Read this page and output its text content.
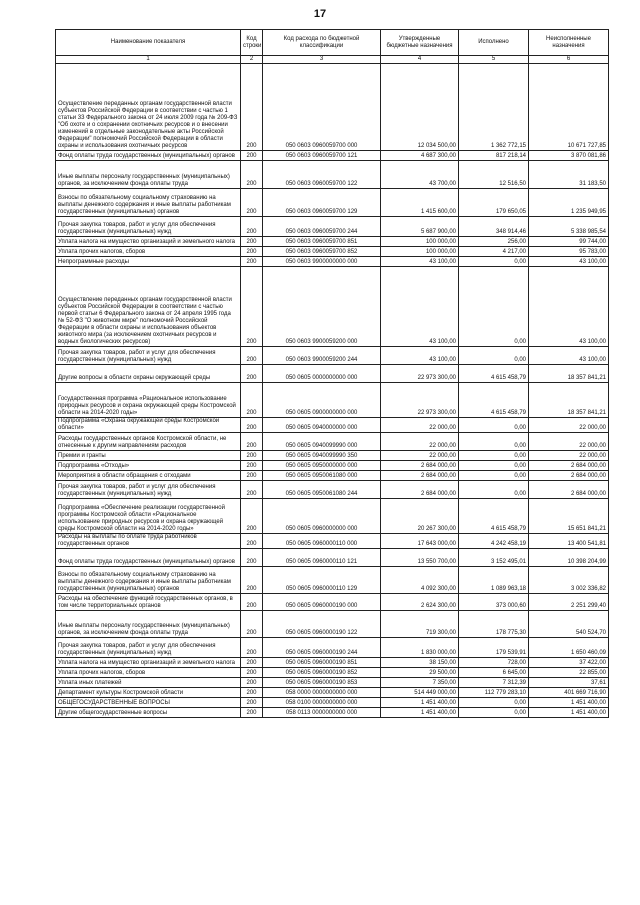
17
Наименование показателя	Код строки	Код расхода по бюджетной классификации	Утвержденные бюджетные назначения	Исполнено	Неисполненные назначения
1	2	3	4	5	6
Осуществление переданных органам государственной власти субъектов Российской Федерации в соответствии с частью 1 статьи 33 Федерального закона от 24 июля 2009 года № 209-ФЗ "Об охоте и о сохранении охотничьих ресурсов и о внесении изменений в отдельные законодательные акты Российской Федерации" полномочий Российской Федерации в области охраны и использования охотничьих ресурсов	200	050 0603 0960059700 000	12 034 500,00	1 362 772,15	10 671 727,85
Фонд оплаты труда государственных (муниципальных) органов	200	050 0603 0960059700 121	4 687 300,00	817 218,14	3 870 081,86
Иные выплаты персоналу государственных (муниципальных) органов, за исключением фонда оплаты труда	200	050 0603 0960059700 122	43 700,00	12 516,50	31 183,50
Взносы по обязательному социальному страхованию на выплаты денежного содержания и иные выплаты работникам государственных (муниципальных) органов	200	050 0603 0960059700 129	1 415 600,00	179 650,05	1 235 949,95
Прочая закупка товаров, работ и услуг для обеспечения государственных (муниципальных) нужд	200	050 0603 0960059700 244	5 687 900,00	348 914,46	5 338 985,54
Уплата налога на имущество организаций и земельного налога	200	050 0603 0960059700 851	100 000,00	256,00	99 744,00
Уплата прочих налогов, сборов	200	050 0603 0960059700 852	100 000,00	4 217,00	95 783,00
Непрограммные расходы	200	050 0603 9900000000 000	43 100,00	0,00	43 100,00
Осуществление переданных органам государственной власти субъектов Российской Федерации в соответствии с частью первой статьи 6 Федерального закона от 24 апреля 1995 года № 52-ФЗ "О животном мире" полномочий Российской Федерации в области охраны и использования объектов животного мира (за исключением охотничьих ресурсов и водных биологических ресурсов)	200	050 0603 9900059200 000	43 100,00	0,00	43 100,00
Прочая закупка товаров, работ и услуг для обеспечения государственных (муниципальных) нужд	200	050 0603 9900059200 244	43 100,00	0,00	43 100,00
Другие вопросы в области охраны окружающей среды	200	050 0605 0000000000 000	22 973 300,00	4 615 458,79	18 357 841,21
Государственная программа «Рациональное использование природных ресурсов и охрана окружающей среды Костромской области на 2014-2020 годы»	200	050 0605 0900000000 000	22 973 300,00	4 615 458,79	18 357 841,21
Подпрограмма «Охрана окружающей среды Костромской области»	200	050 0605 0940000000 000	22 000,00	0,00	22 000,00
Расходы государственных органов Костромской области, не отнесенные к другим направлениям расходов	200	050 0605 0940099990 000	22 000,00	0,00	22 000,00
Премии и гранты	200	050 0605 0940099990 350	22 000,00	0,00	22 000,00
Подпрограмма «Отходы»	200	050 0605 0950000000 000	2 684 000,00	0,00	2 684 000,00
Мероприятия в области обращения с отходами	200	050 0605 0950061080 000	2 684 000,00	0,00	2 684 000,00
Прочая закупка товаров, работ и услуг для обеспечения государственных (муниципальных) нужд	200	050 0605 0950061080 244	2 684 000,00	0,00	2 684 000,00
Подпрограмма «Обеспечение реализации государственной программы Костромской области «Рациональное использование природных ресурсов и охрана окружающей среды Костромской области на 2014-2020 годы»	200	050 0605 0960000000 000	20 267 300,00	4 615 458,79	15 651 841,21
Расходы на выплаты по оплате труда работников государственных органов	200	050 0605 0960000110 000	17 643 000,00	4 242 458,19	13 400 541,81
Фонд оплаты труда государственных (муниципальных) органов	200	050 0605 0960000110 121	13 550 700,00	3 152 495,01	10 398 204,99
Взносы по обязательному социальному страхованию на выплаты денежного содержания и иные выплаты работникам государственных (муниципальных) органов	200	050 0605 0960000110 129	4 092 300,00	1 089 963,18	3 002 336,82
Расходы на обеспечение функций государственных органов, в том числе территориальных органов	200	050 0605 0960000190 000	2 624 300,00	373 000,60	2 251 299,40
Иные выплаты персоналу государственных (муниципальных) органов, за исключением фонда оплаты труда	200	050 0605 0960000190 122	719 300,00	178 775,30	540 524,70
Прочая закупка товаров, работ и услуг для обеспечения государственных (муниципальных) нужд	200	050 0605 0960000190 244	1 830 000,00	179 539,91	1 650 460,09
Уплата налога на имущество организаций и земельного налога	200	050 0605 0960000190 851	38 150,00	728,00	37 422,00
Уплата прочих налогов, сборов	200	050 0605 0960000190 852	29 500,00	6 645,00	22 855,00
Уплата иных платежей	200	050 0605 0960000190 853	7 350,00	7 312,39	37,61
Департамент культуры Костромской области	200	058 0000 0000000000 000	514 449 000,00	112 779 283,10	401 669 716,90
ОБЩЕГОСУДАРСТВЕННЫЕ ВОПРОСЫ	200	058 0100 0000000000 000	1 451 400,00	0,00	1 451 400,00
Другие общегосударственные вопросы	200	058 0113 0000000000 000	1 451 400,00	0,00	1 451 400,00
